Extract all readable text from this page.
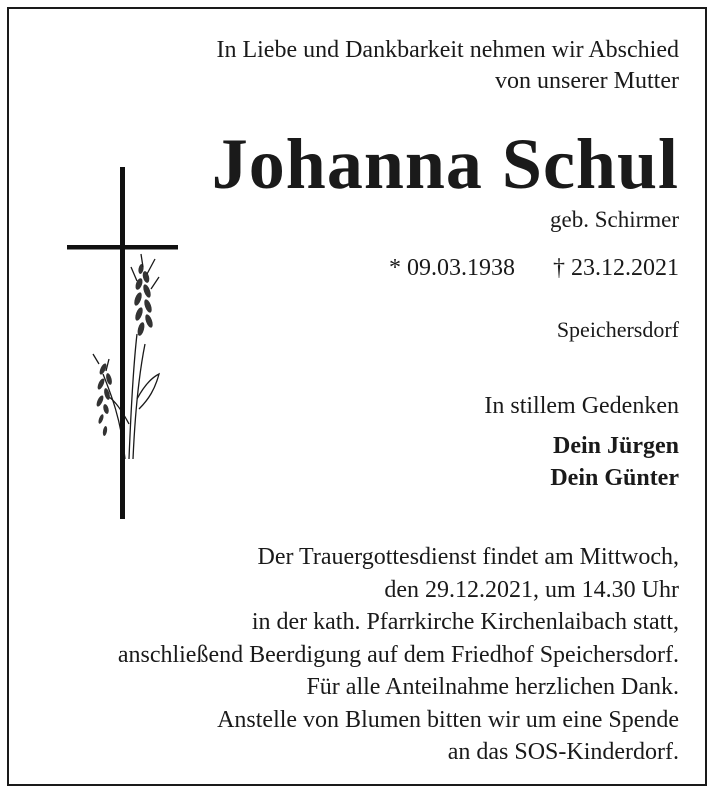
In Liebe und Dankbarkeit nehmen wir Abschied
von unserer Mutter
Johanna Schul
geb. Schirmer
* 09.03.1938 † 23.12.2021
Speichersdorf
In stillem Gedenken
Dein Jürgen
Dein Günter
Der Trauergottesdienst findet am Mittwoch,
den 29.12.2021, um 14.30 Uhr
in der kath. Pfarrkirche Kirchenlaibach statt,
anschließend Beerdigung auf dem Friedhof Speichersdorf.
Für alle Anteilnahme herzlichen Dank.
Anstelle von Blumen bitten wir um eine Spende
an das SOS-Kinderdorf.
